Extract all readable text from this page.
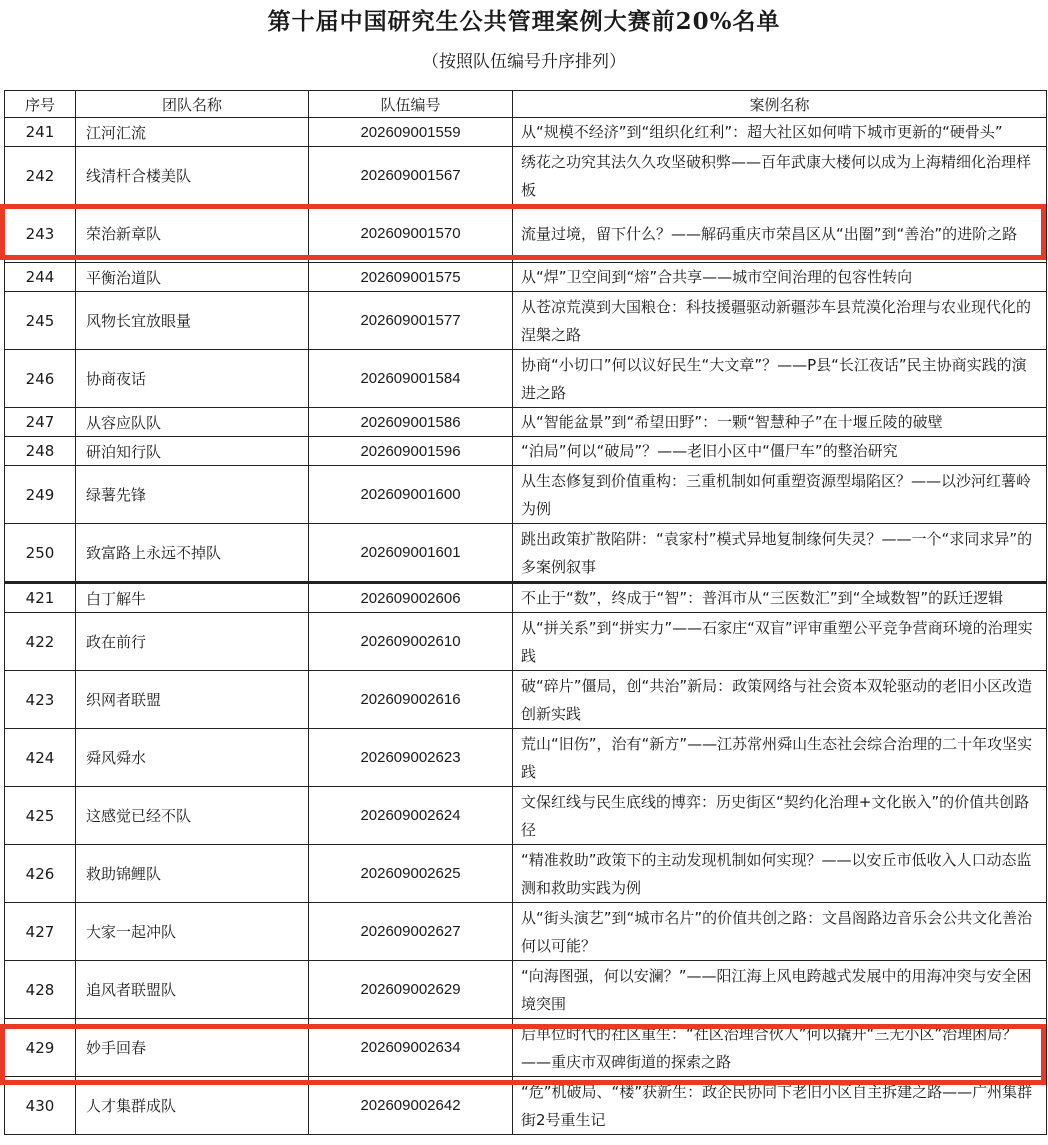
第十届中国研究生公共管理案例大赛前20%名单
（按照队伍编号升序排列）
序号	团队名称	队伍编号	案例名称
241	江河汇流	202609001559	从“规模不经济”到“组织化红利”：超大社区如何啃下城市更新的“硬骨头”
242	线清杆合楼美队	202609001567	绣花之功究其法久久攻坚破积弊——百年武康大楼何以成为上海精细化治理样板
243	荣治新章队	202609001570	流量过境，留下什么？——解码重庆市荣昌区从“出圈”到“善治”的进阶之路
244	平衡治道队	202609001575	从“焊”卫空间到“熔”合共享——城市空间治理的包容性转向
245	风物长宜放眼量	202609001577	从苍凉荒漠到大国粮仓：科技援疆驱动新疆莎车县荒漠化治理与农业现代化的涅槃之路
246	协商夜话	202609001584	协商“小切口”何以议好民生“大文章”？——P县“长江夜话”民主协商实践的演进之路
247	从容应队队	202609001586	从“智能盆景”到“希望田野”：一颗“智慧种子”在十堰丘陵的破壁
248	研泊知行队	202609001596	“泊局”何以“破局”？——老旧小区中“僵尸车”的整治研究
249	绿薯先锋	202609001600	从生态修复到价值重构：三重机制如何重塑资源型塌陷区？——以沙河红薯岭为例
250	致富路上永远不掉队	202609001601	跳出政策扩散陷阱：“袁家村”模式异地复制缘何失灵？——一个“求同求异”的多案例叙事
421	白丁解牛	202609002606	不止于“数”，终成于“智”：普洱市从“三医数汇”到“全域数智”的跃迁逻辑
422	政在前行	202609002610	从“拼关系”到“拼实力”——石家庄“双盲”评审重塑公平竞争营商环境的治理实践
423	织网者联盟	202609002616	破“碎片”僵局，创“共治”新局：政策网络与社会资本双轮驱动的老旧小区改造创新实践
424	舜风舜水	202609002623	荒山“旧伤”，治有“新方”——江苏常州舜山生态社会综合治理的二十年攻坚实践
425	这感觉已经不队	202609002624	文保红线与民生底线的博弈：历史街区“契约化治理+文化嵌入”的价值共创路径
426	救助锦鲤队	202609002625	“精准救助”政策下的主动发现机制如何实现？——以安丘市低收入人口动态监测和救助实践为例
427	大家一起冲队	202609002627	从“街头演艺”到“城市名片”的价值共创之路：文昌阁路边音乐会公共文化善治何以可能？
428	追风者联盟队	202609002629	“向海图强，何以安澜？”——阳江海上风电跨越式发展中的用海冲突与安全困境突围
429	妙手回春	202609002634	后单位时代的社区重生：“社区治理合伙人”何以撬开“三无小区”治理困局？——重庆市双碑街道的探索之路
430	人才集群成队	202609002642	“危”机破局、“楼”获新生：政企民协同下老旧小区自主拆建之路——广州集群街2号重生记
